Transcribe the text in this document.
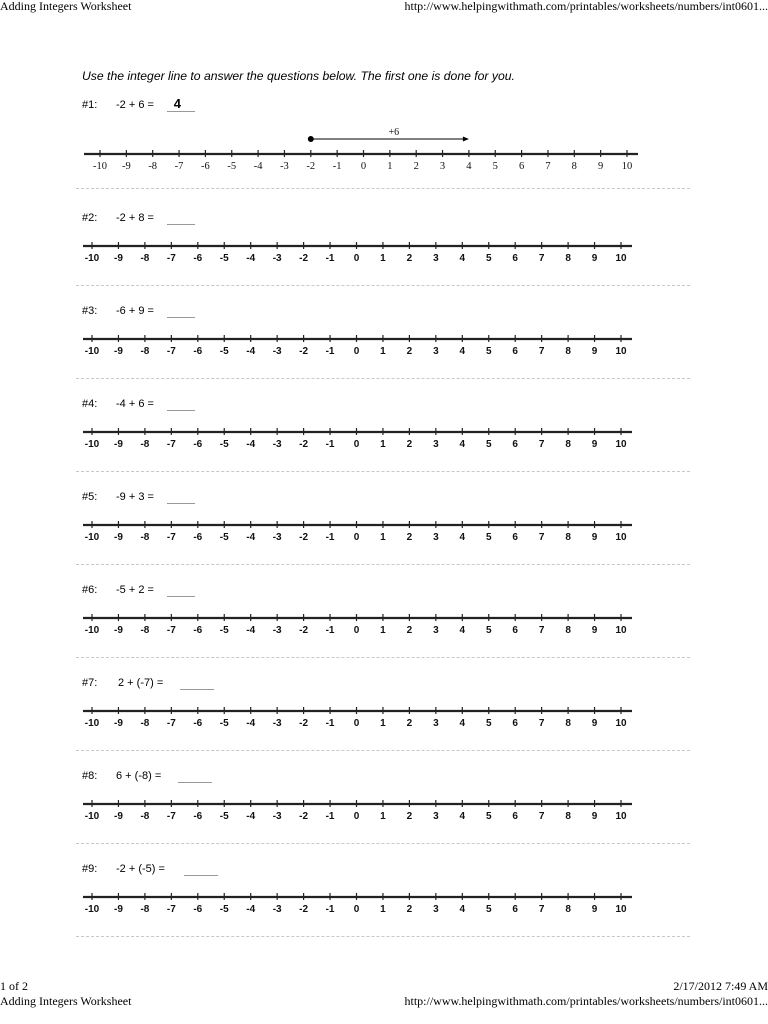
Adding Integers Worksheet	http://www.helpingwithmath.com/printables/worksheets/numbers/int0601...
Use the integer line to answer the questions below. The first one is done for you.
#1: -2 + 6 = 4
-10 -9 -8 -7 -6 -5 -4 -3 -2 -1 0 1 2 3 4 5 6 7 8 9 10
+6
#2: -2 + 8 =
-10 -9 -8 -7 -6 -5 -4 -3 -2 -1 0 1 2 3 4 5 6 7 8 9 10
#3: -6 + 9 =
-10 -9 -8 -7 -6 -5 -4 -3 -2 -1 0 1 2 3 4 5 6 7 8 9 10
#4: -4 + 6 =
-10 -9 -8 -7 -6 -5 -4 -3 -2 -1 0 1 2 3 4 5 6 7 8 9 10
#5: -9 + 3 =
-10 -9 -8 -7 -6 -5 -4 -3 -2 -1 0 1 2 3 4 5 6 7 8 9 10
#6: -5 + 2 =
-10 -9 -8 -7 -6 -5 -4 -3 -2 -1 0 1 2 3 4 5 6 7 8 9 10
#7: 2 + (-7) =
-10 -9 -8 -7 -6 -5 -4 -3 -2 -1 0 1 2 3 4 5 6 7 8 9 10
#8: 6 + (-8) =
-10 -9 -8 -7 -6 -5 -4 -3 -2 -1 0 1 2 3 4 5 6 7 8 9 10
#9: -2 + (-5) =
-10 -9 -8 -7 -6 -5 -4 -3 -2 -1 0 1 2 3 4 5 6 7 8 9 10
1 of 2	2/17/2012 7:49 AM
Adding Integers Worksheet	http://www.helpingwithmath.com/printables/worksheets/numbers/int0601...
